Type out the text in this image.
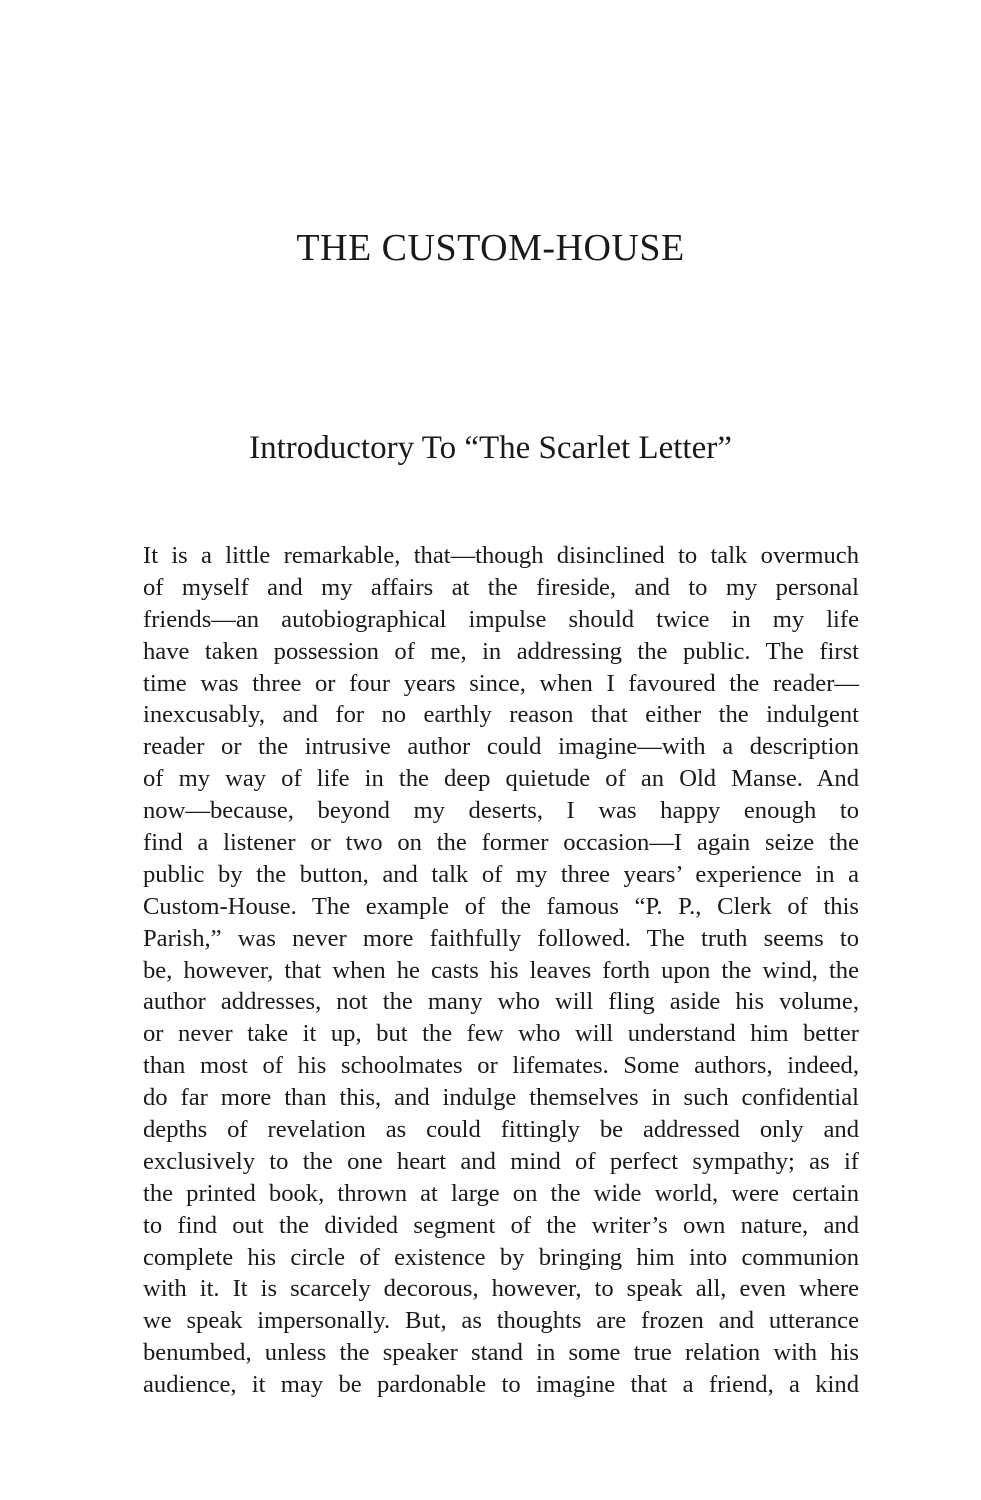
THE CUSTOM-HOUSE
Introductory To “The Scarlet Letter”
It is a little remarkable, that—though disinclined to talk overmuch
of myself and my affairs at the fireside, and to my personal
friends—an autobiographical impulse should twice in my life
have taken possession of me, in addressing the public. The first
time was three or four years since, when I favoured the reader—
inexcusably, and for no earthly reason that either the indulgent
reader or the intrusive author could imagine—with a description
of my way of life in the deep quietude of an Old Manse. And
now—because, beyond my deserts, I was happy enough to
find a listener or two on the former occasion—I again seize the
public by the button, and talk of my three years’ experience in a
Custom-House. The example of the famous “P. P., Clerk of this
Parish,” was never more faithfully followed. The truth seems to
be, however, that when he casts his leaves forth upon the wind, the
author addresses, not the many who will fling aside his volume,
or never take it up, but the few who will understand him better
than most of his schoolmates or lifemates. Some authors, indeed,
do far more than this, and indulge themselves in such confidential
depths of revelation as could fittingly be addressed only and
exclusively to the one heart and mind of perfect sympathy; as if
the printed book, thrown at large on the wide world, were certain
to find out the divided segment of the writer’s own nature, and
complete his circle of existence by bringing him into communion
with it. It is scarcely decorous, however, to speak all, even where
we speak impersonally. But, as thoughts are frozen and utterance
benumbed, unless the speaker stand in some true relation with his
audience, it may be pardonable to imagine that a friend, a kind
